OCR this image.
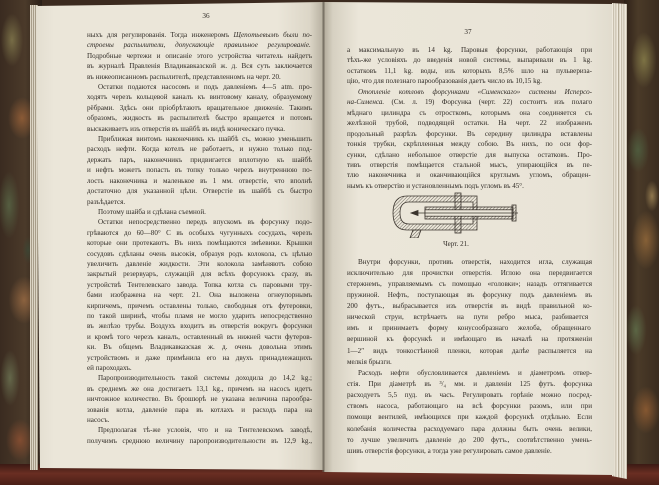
36
37
ныхъ для регулированія. Тогда инженеромъ Щепотьевымъ были по-
строены распылители, допускающіе правильное регулированіе.
Подробные чертежи и описаніе этого устройства читатель найдетъ
въ журналѣ Правленія Владикавказской ж. д. Вся суть заключается
въ нижеописанномъ распылителѣ, представленномъ на черт. 20.
Остатки подаются насосомъ и подъ давленіемъ 4—5 atm. про-
ходятъ черезъ кольцевой каналъ къ винтовому каналу, образуемому
рёбрами. Здѣсь они пріобрѣтаютъ вращательное движеніе. Такимъ
образомъ, жидкость въ распылителѣ быстро вращается и потомъ
выскакиваетъ изъ отверстія въ шайбѣ въ видѣ коническаго пучка.
Приближая винтомъ наконечникъ къ шайбѣ съ, можно уменьшить
расходъ нефти. Когда котелъ не работаетъ, и нужно только под-
держать паръ, наконечникъ придвигается вплотную къ шайбѣ
и нефть можетъ попасть въ топку только черезъ внутреннюю по-
лость наконечника и маленькое въ 1 мм. отверстіе, что вполнѣ
достаточно для указанной цѣли. Отверстіе въ шайбѣ съ быстро
разъѣдается.
Поэтому шайба и сдѣлана съемной.
Остатки непосредственно передъ впускомъ въ форсунку подо-
грѣваются до 60—80° С въ особыхъ чугунныхъ сосудахъ, черезъ
которые они протекаютъ. Въ нихъ помѣщаются змѣевики. Крышки
сосудовъ сдѣланы очень высокія, образуя родъ колокола, съ цѣлью
увеличить давленіе жидкости. Эти колокола замѣняютъ собою
закрытый резервуаръ, служащій для всѣхъ форсунокъ сразу, въ
устройствѣ Тентелевскаго завода. Топка котла съ паровыми тру-
бами изображена на черт. 21. Она выложена огнеупорнымъ
кирпичемъ, причемъ оставлены только, свободныя отъ футеровки,
по такой ширинѣ, чтобы пламя не могло ударить непосредственно
въ желѣзо трубы. Воздухъ входитъ въ отверстія вокругъ форсунки
и кромѣ того черезъ каналъ, оставленный въ нижней части футеров-
ки. Въ общемъ Владикавказская ж. д. очень довольна этимъ
устройствомъ и даже примѣнила его на двухъ принадлежащихъ
ей пароходахъ.
Паропроизводительность такой системы доходила до 14,2 kg.;
въ среднемъ же она достигаетъ 13,1 kg., причемъ на насосъ идетъ
ничтожное количество. Въ брошюрѣ не указана величина парообра-
зованія котла, давленіе пара въ котлахъ и расходъ пара на
насосъ.
Предполагая тѣ-же условія, что и на Тентелевскомъ заводѣ,
получимъ среднюю величину паропроизводительности въ 12,9 kg.,
а максимальную въ 14 kg. Паровыя форсунки, работающія при
тѣхъ-же условіяхъ до введенія новой системы, выпаривали въ 1 kg.
остатковъ 11,1 kg. воды, изъ которыхъ 8,5% шло на пульвериза-
цію, что для полезнаго парообразованія даетъ число въ 10,15 kg.
Отопленіе котловъ форсунками «Сименскаго» системы Исперсо-
на-Сименса. (См. л. 19) Форсунка (черт. 22) состоитъ изъ полаго
мѣднаго цилиндра съ отросткомъ, которымъ она соединяется съ
желѣзной трубой, подводящей остатки. На черт. 22 изображенъ
продольный разрѣзъ форсунки. Въ середину цилиндра вставлены
тонкія трубки, скрѣпленныя между собою. Въ нихъ, по оси фор-
сунки, сдѣлано небольшое отверстіе для выпуска остатковъ. Про-
тивъ отверстія помѣщается стальной мысъ, упирающійся въ пе-
тлю наконечника и оканчивающійся круглымъ угломъ, обращен-
нымъ къ отверстію и установленнымъ подъ угломъ въ 45°.
Черт. 21.
Внутри форсунки, противъ отверстія, находится игла, служащая
исключительно для прочистки отверстія. Иглою она передвигается
стержнемъ, управляемымъ съ помощью «головки»; назадъ оттягивается
пружиной. Нефть, поступающая въ форсунку подъ давленіемъ въ
200 футъ., выбрасывается изъ отверстія въ видѣ правильной ко-
нической струи, встрѣчаетъ на пути ребро мыса, разбивается
имъ и принимаетъ форму конусообразнаго желоба, обращеннаго
вершиной къ форсункѣ и имѣющаго въ началѣ на протяженіи
1—2″ видъ тонкостѣнной пленки, которая далѣе распыляется на
мелкія брызги.
Расходъ нефти обусловливается давленіемъ и діаметромъ отвер-
стія. При діаметрѣ въ ³/₄ мм. и давленіи 125 футъ. форсунка
расходуетъ 5,5 пуд. въ часъ. Регулировать горѣніе можно посред-
ствомъ насоса, работающаго на всѣ форсунки разомъ, или при
помощи вентилей, имѣющихся при каждой форсункѣ отдѣльно. Если
колебанія количества расходуемаго пара должны быть очень велики,
то лучше увеличить давленіе до 200 футъ., соотвѣтственно умень-
шивъ отверстія форсунки, а тогда уже регулировать самое давленіе.
